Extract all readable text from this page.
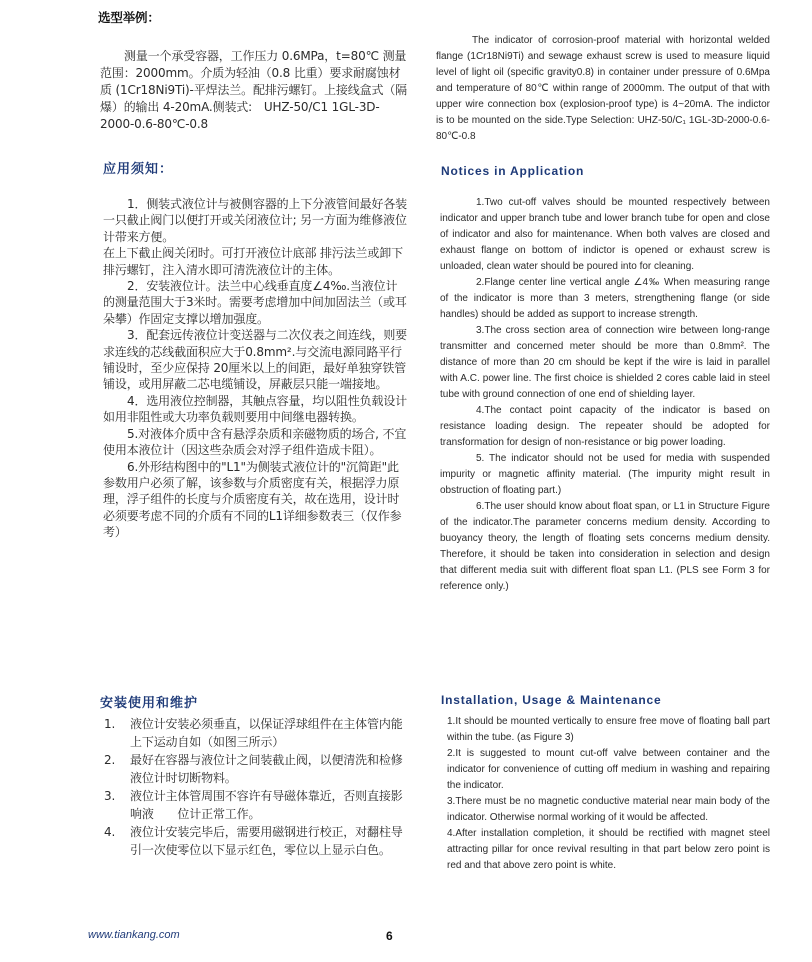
选型举例：

测量一个承受容器，工作压力 0.6MPa，t=80℃ 测量范围：2000mm。介质为轻油（0.8 比重）要求耐腐蚀材质 (1Cr18Ni9Ti)-平焊法兰。配排污螺钉。上接线盒式（隔爆）的输出 4-20mA.侧装式:　UHZ-50/C1 1GL-3D-2000-0.6-80℃-0.8

应用须知：

1．侧装式液位计与被侧容器的上下分液管间最好各装一只截止阀门以便打开或关闭液位计; 另一方面为维修液位计带来方便。

在上下截止阀关闭时。可打开液位计底部 排污法兰或卸下排污螺钉，注入清水即可清洗液位计的主体。

2．安装液位计。法兰中心线垂直度∠4‰.当液位计的测量范围大于3米时。需要考虑增加中间加固法兰（或耳朵攀）作固定支撑以增加强度。

3．配套远传液位计变送器与二次仪表之间连线，则要求连线的芯线截面积应大于0.8mm².与交流电源同路平行铺设时，至少应保持 20厘米以上的间距，最好单独穿铁管铺设，或用屏蔽二芯电缆铺设，屏蔽层只能一端接地。

4．选用液位控制器，其触点容量，均以阻性负载设计如用非阻性或大功率负载则要用中间继电器转换。

5.对液体介质中含有悬浮杂质和亲磁物质的场合, 不宜使用本液位计（因这些杂质会对浮子组件造成卡阻）。

6.外形结构图中的"L1"为侧装式液位计的"沉简距"此参数用户必须了解，该参数与介质密度有关，根据浮力原理，浮子组件的长度与介质密度有关，故在选用，设计时必须要考虑不同的介质有不同的L1详细参数表三（仅作参考）

安装使用和维护
1. 液位计安装必须垂直，以保证浮球组件在主体管内能上下运动自如（如图三所示）
2. 最好在容器与液位计之间装截止阀，以便清洗和检修液位计时切断物料。
3. 液位计主体管周围不容许有导磁体靠近，否则直接影响液　　位计正常工作。
4. 液位计安装完毕后，需要用磁钢进行校正，对翻柱导引一次使零位以下显示红色，零位以上显示白色。

The indicator of corrosion-proof material with horizontal welded flange (1Cr18Ni9Ti) and sewage exhaust screw is used to measure liquid level of light oil (specific gravity0.8) in container under pressure of 0.6Mpa and temperature of 80℃ within range of 2000mm. The output of that with upper wire connection box (explosion-proof type) is 4~20mA. The indictor is to be mounted on the side.Type Selection: UHZ-50/C₁ 1GL-3D-2000-0.6-80℃-0.8

Notices in Application

1.Two cut-off valves should be mounted respectively between indicator and upper branch tube and lower branch tube for open and close of indicator and also for maintenance. When both valves are closed and exhaust flange on bottom of indictor is opened or exhaust screw is unloaded, clean water should be poured into for cleaning.

2.Flange center line vertical angle ∠4‰ When measuring range of the indicator is more than 3 meters, strengthening flange (or side handles) should be added as support to increase strength.

3.The cross section area of connection wire between long-range transmitter and concerned meter should be more than 0.8mm². The distance of more than 20 cm should be kept if the wire is laid in parallel with A.C. power line. The first choice is shielded 2 cores cable laid in steel tube with ground connection of one end of shielding layer.

4.The contact point capacity of the indicator is based on resistance loading design. The repeater should be adopted for transformation for design of non-resistance or big power loading.

5. The indicator should not be used for media with suspended impurity or magnetic affinity material. (The impurity might result in obstruction of floating part.)

6.The user should know about float span, or L1 in Structure Figure of the indicator.The parameter concerns medium density. According to buoyancy theory, the length of floating sets concerns medium density. Therefore, it should be taken into consideration in selection and design that different media suit with different float span L1. (PLS see Form 3 for reference only.)

Installation, Usage & Maintenance

1.It should be mounted vertically to ensure free move of floating ball part within the tube. (as Figure 3)

2.It is suggested to mount cut-off valve between container and the indicator for convenience of cutting off medium in washing and repairing the indicator.

3.There must be no magnetic conductive material near main body of the indicator. Otherwise normal working of it would be affected.

4.After installation completion, it should be rectified with magnet steel attracting pillar for once revival resulting in that part below zero point is red and that above zero point is white.

www.tiankang.com	6
